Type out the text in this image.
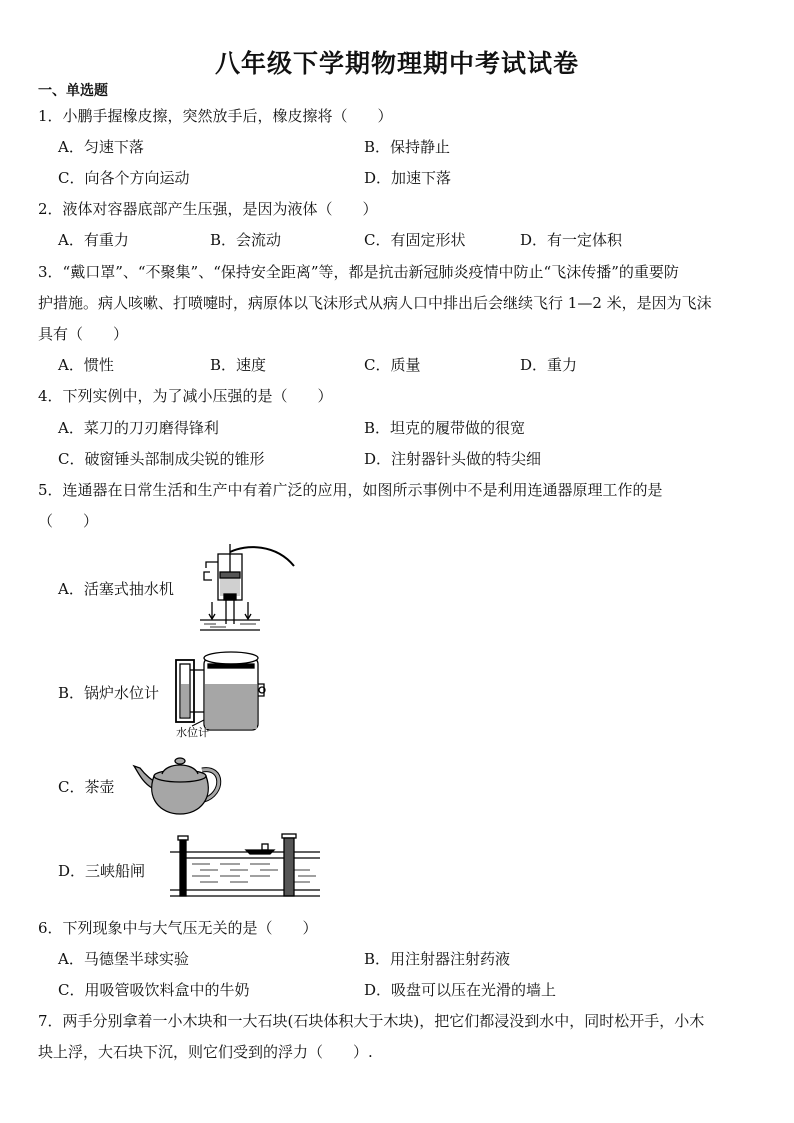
八年级下学期物理期中考试试卷
一、单选题
1．小鹏手握橡皮擦，突然放手后，橡皮擦将（　　）
A．匀速下落	B．保持静止
C．向各个方向运动	D．加速下落
2．液体对容器底部产生压强，是因为液体（　　）
A．有重力	B．会流动	C．有固定形状	D．有一定体积
3．“戴口罩”、“不聚集”、“保持安全距离”等，都是抗击新冠肺炎疫情中防止“飞沫传播”的重要防
护措施。病人咳嗽、打喷嚏时，病原体以飞沫形式从病人口中排出后会继续飞行 1—2 米，是因为飞沫
具有（　　）
A．惯性	B．速度	C．质量	D．重力
4．下列实例中，为了减小压强的是（　　）
A．菜刀的刀刃磨得锋利	B．坦克的履带做的很宽
C．破窗锤头部制成尖锐的锥形	D．注射器针头做的特尖细
5．连通器在日常生活和生产中有着广泛的应用，如图所示事例中不是利用连通器原理工作的是
（　　）
A．活塞式抽水机
B．锅炉水位计
水位计
C．茶壶
D．三峡船闸
6．下列现象中与大气压无关的是（　　）
A．马德堡半球实验	B．用注射器注射药液
C．用吸管吸饮料盒中的牛奶	D．吸盘可以压在光滑的墙上
7．两手分别拿着一小木块和一大石块(石块体积大于木块)，把它们都浸没到水中，同时松开手，小木
块上浮，大石块下沉，则它们受到的浮力（　　）.
